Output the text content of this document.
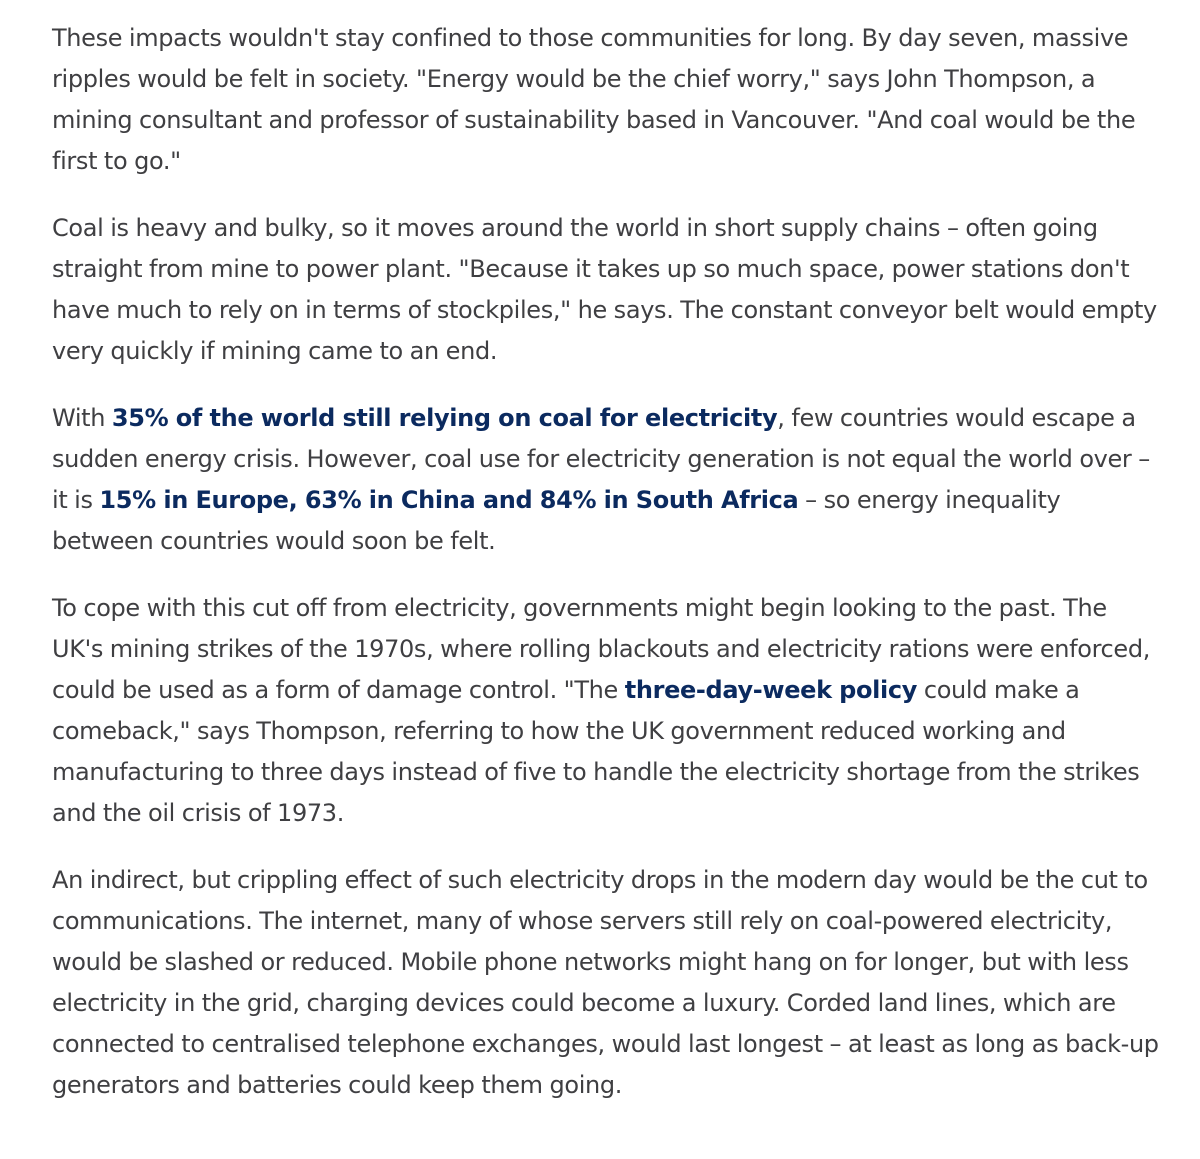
These impacts wouldn't stay confined to those communities for long. By day seven, massive ripples would be felt in society. "Energy would be the chief worry," says John Thompson, a mining consultant and professor of sustainability based in Vancouver. "And coal would be the first to go."

Coal is heavy and bulky, so it moves around the world in short supply chains – often going straight from mine to power plant. "Because it takes up so much space, power stations don't have much to rely on in terms of stockpiles," he says. The constant conveyor belt would empty very quickly if mining came to an end.

With 35% of the world still relying on coal for electricity, few countries would escape a sudden energy crisis. However, coal use for electricity generation is not equal the world over – it is 15% in Europe, 63% in China and 84% in South Africa – so energy inequality between countries would soon be felt.

To cope with this cut off from electricity, governments might begin looking to the past. The UK's mining strikes of the 1970s, where rolling blackouts and electricity rations were enforced, could be used as a form of damage control. "The three-day-week policy could make a comeback," says Thompson, referring to how the UK government reduced working and manufacturing to three days instead of five to handle the electricity shortage from the strikes and the oil crisis of 1973.

An indirect, but crippling effect of such electricity drops in the modern day would be the cut to communications. The internet, many of whose servers still rely on coal-powered electricity, would be slashed or reduced. Mobile phone networks might hang on for longer, but with less electricity in the grid, charging devices could become a luxury. Corded land lines, which are connected to centralised telephone exchanges, would last longest – at least as long as back-up generators and batteries could keep them going.
